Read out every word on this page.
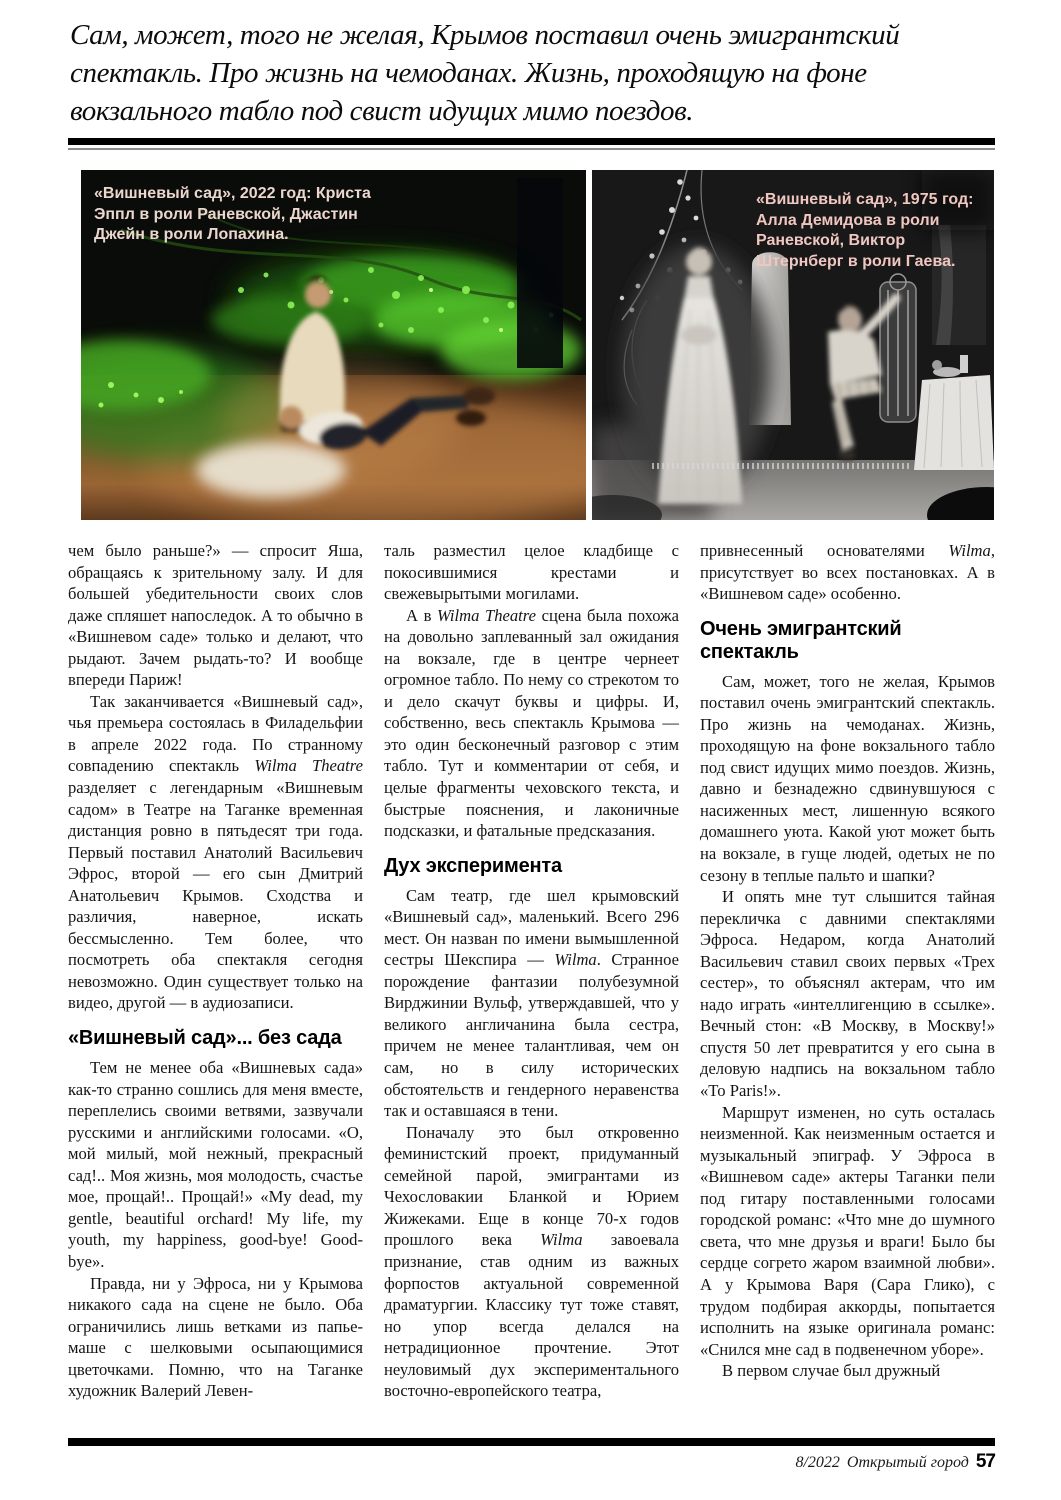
Сам, может, того не желая, Крымов поставил очень эмигрантский спектакль. Про жизнь на чемоданах. Жизнь, проходящую на фоне вокзального табло под свист идущих мимо поездов.
«Вишневый сад», 2022 год: Криста Эппл в роли Раневской, Джастин Джейн в роли Лопахина.
«Вишневый сад», 1975 год: Алла Демидова в роли Раневской, Виктор Штернберг в роли Гаева.

чем было раньше?» — спросит Яша, обращаясь к зрительному залу. И для большей убедительности своих слов даже спляшет напоследок. А то обычно в «Вишневом саде» только и делают, что рыдают. Зачем рыдать-то? И вообще впереди Париж!

Так заканчивается «Вишневый сад», чья премьера состоялась в Филадельфии в апреле 2022 года. По странному совпадению спектакль Wilma Theatre разделяет с легендарным «Вишневым садом» в Театре на Таганке временная дистанция ровно в пятьдесят три года. Первый поставил Анатолий Васильевич Эфрос, второй — его сын Дмитрий Анатольевич Крымов. Сходства и различия, наверное, искать бессмысленно. Тем более, что посмотреть оба спектакля сегодня невозможно. Один существует только на видео, другой — в аудиозаписи.

«Вишневый сад»... без сада

Тем не менее оба «Вишневых сада» как-то странно сошлись для меня вместе, переплелись своими ветвями, зазвучали русскими и английскими голосами. «О, мой милый, мой нежный, прекрасный сад!.. Моя жизнь, моя молодость, счастье мое, прощай!.. Прощай!» «My dead, my gentle, beautiful orchard! My life, my youth, my happiness, good-bye! Good-bye».

Правда, ни у Эфроса, ни у Крымова никакого сада на сцене не было. Оба ограничились лишь ветками из папье-маше с шелковыми осыпающимися цветочками. Помню, что на Таганке художник Валерий Левен-

таль разместил целое кладбище с покосившимися крестами и свежевырытыми могилами.

А в Wilma Theatre сцена была похожа на довольно заплеванный зал ожидания на вокзале, где в центре чернеет огромное табло. По нему со стрекотом то и дело скачут буквы и цифры. И, собственно, весь спектакль Крымова — это один бесконечный разговор с этим табло. Тут и комментарии от себя, и целые фрагменты чеховского текста, и быстрые пояснения, и лаконичные подсказки, и фатальные предсказания.

Дух эксперимента

Сам театр, где шел крымовский «Вишневый сад», маленький. Всего 296 мест. Он назван по имени вымышленной сестры Шекспира — Wilma. Странное порождение фантазии полубезумной Вирджинии Вульф, утверждавшей, что у великого англичанина была сестра, причем не менее талантливая, чем он сам, но в силу исторических обстоятельств и гендерного неравенства так и оставшаяся в тени.

Поначалу это был откровенно феминистский проект, придуманный семейной парой, эмигрантами из Чехословакии Бланкой и Юрием Жижеками. Еще в конце 70-х годов прошлого века Wilma завоевала признание, став одним из важных форпостов актуальной современной драматургии. Классику тут тоже ставят, но упор всегда делался на нетрадиционное прочтение. Этот неуловимый дух экспериментального восточно-европейского театра,

привнесенный основателями Wilma, присутствует во всех постановках. А в «Вишневом саде» особенно.

Очень эмигрантский спектакль

Сам, может, того не желая, Крымов поставил очень эмигрантский спектакль. Про жизнь на чемоданах. Жизнь, проходящую на фоне вокзального табло под свист идущих мимо поездов. Жизнь, давно и безнадежно сдвинувшуюся с насиженных мест, лишенную всякого домашнего уюта. Какой уют может быть на вокзале, в гуще людей, одетых не по сезону в теплые пальто и шапки?

И опять мне тут слышится тайная перекличка с давними спектаклями Эфроса. Недаром, когда Анатолий Васильевич ставил своих первых «Трех сестер», то объяснял актерам, что им надо играть «интеллигенцию в ссылке». Вечный стон: «В Москву, в Москву!» спустя 50 лет превратится у его сына в деловую надпись на вокзальном табло «To Paris!».

Маршрут изменен, но суть осталась неизменной. Как неизменным остается и музыкальный эпиграф. У Эфроса в «Вишневом саде» актеры Таганки пели под гитару поставленными голосами городской романс: «Что мне до шумного света, что мне друзья и враги! Было бы сердце согрето жаром взаимной любви». А у Крымова Варя (Сара Глико), с трудом подбирая аккорды, попытается исполнить на языке оригинала романс: «Снился мне сад в подвенечном уборе».

В первом случае был дружный

8/2022 Открытый город 57
